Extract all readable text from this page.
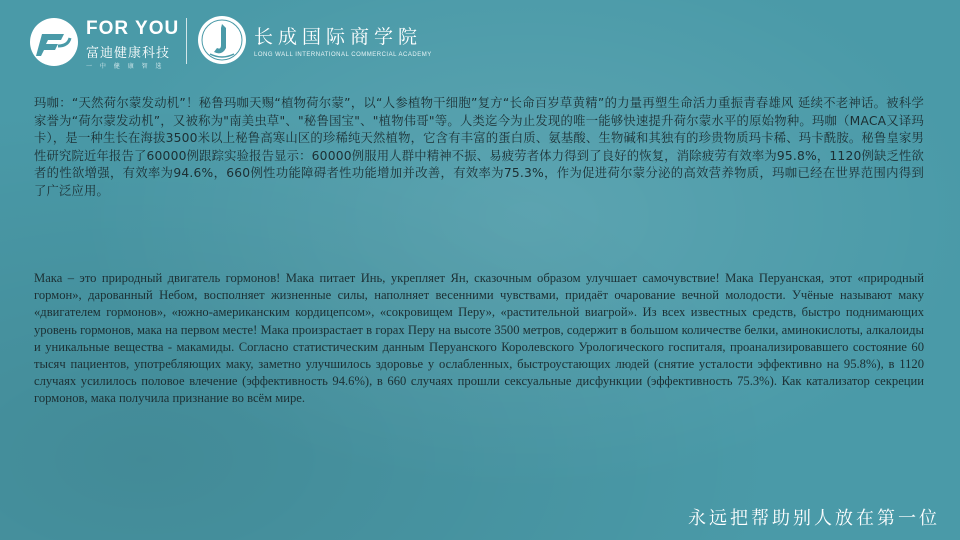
FOR YOU
富迪健康科技
一 中 健 康 智 选
长成国际商学院
LONG WALL INTERNATIONAL COMMERCIAL ACADEMY

玛咖：“天然荷尔蒙发动机”！秘鲁玛咖天赐“植物荷尔蒙”，以“人参植物干细胞”复方“长命百岁草黄精”的力量再塑生命活力重振青春雄风 延续不老神话。被科学家誉为“荷尔蒙发动机”，又被称为"南美虫草"、"秘鲁国宝"、"植物伟哥"等。人类迄今为止发现的唯一能够快速提升荷尔蒙水平的原始物种。玛咖（MACA又译玛卡），是一种生长在海拔3500米以上秘鲁高寒山区的珍稀纯天然植物，它含有丰富的蛋白质、氨基酸、生物碱和其独有的珍贵物质玛卡稀、玛卡酰胺。秘鲁皇家男性研究院近年报告了60000例跟踪实验报告显示：60000例服用人群中精神不振、易疲劳者体力得到了良好的恢复，消除疲劳有效率为95.8%，1120例缺乏性欲者的性欲增强，有效率为94.6%，660例性功能障碍者性功能增加并改善，有效率为75.3%，作为促进荷尔蒙分泌的高效营养物质，玛咖已经在世界范围内得到了广泛应用。

Мака – это природный двигатель гормонов! Мака питает Инь, укрепляет Ян, сказочным образом улучшает самочувствие! Мака Перуанская, этот «природный гормон», дарованный Небом, восполняет жизненные силы, наполняет весенними чувствами, придаёт очарование вечной молодости. Учёные называют маку «двигателем гормонов», «южно-американским кордицепсом», «сокровищем Перу», «растительной виагрой». Из всех известных средств, быстро поднимающих уровень гормонов, мака на первом месте! Мака произрастает в горах Перу на высоте 3500 метров, содержит в большом количестве белки, аминокислоты, алкалоиды и уникальные вещества - макамиды. Согласно статистическим данным Перуанского Королевского Урологического госпиталя, проанализировавшего состояние 60 тысяч пациентов, употребляющих маку, заметно улучшилось здоровье у ослабленных, быстроустающих людей (снятие усталости эффективно на 95.8%), в 1120 случаях усилилось половое влечение (эффективность 94.6%), в 660 случаях прошли сексуальные дисфункции (эффективность 75.3%). Как катализатор секреции гормонов, мака получила признание во всём мире.

永远把帮助别人放在第一位
